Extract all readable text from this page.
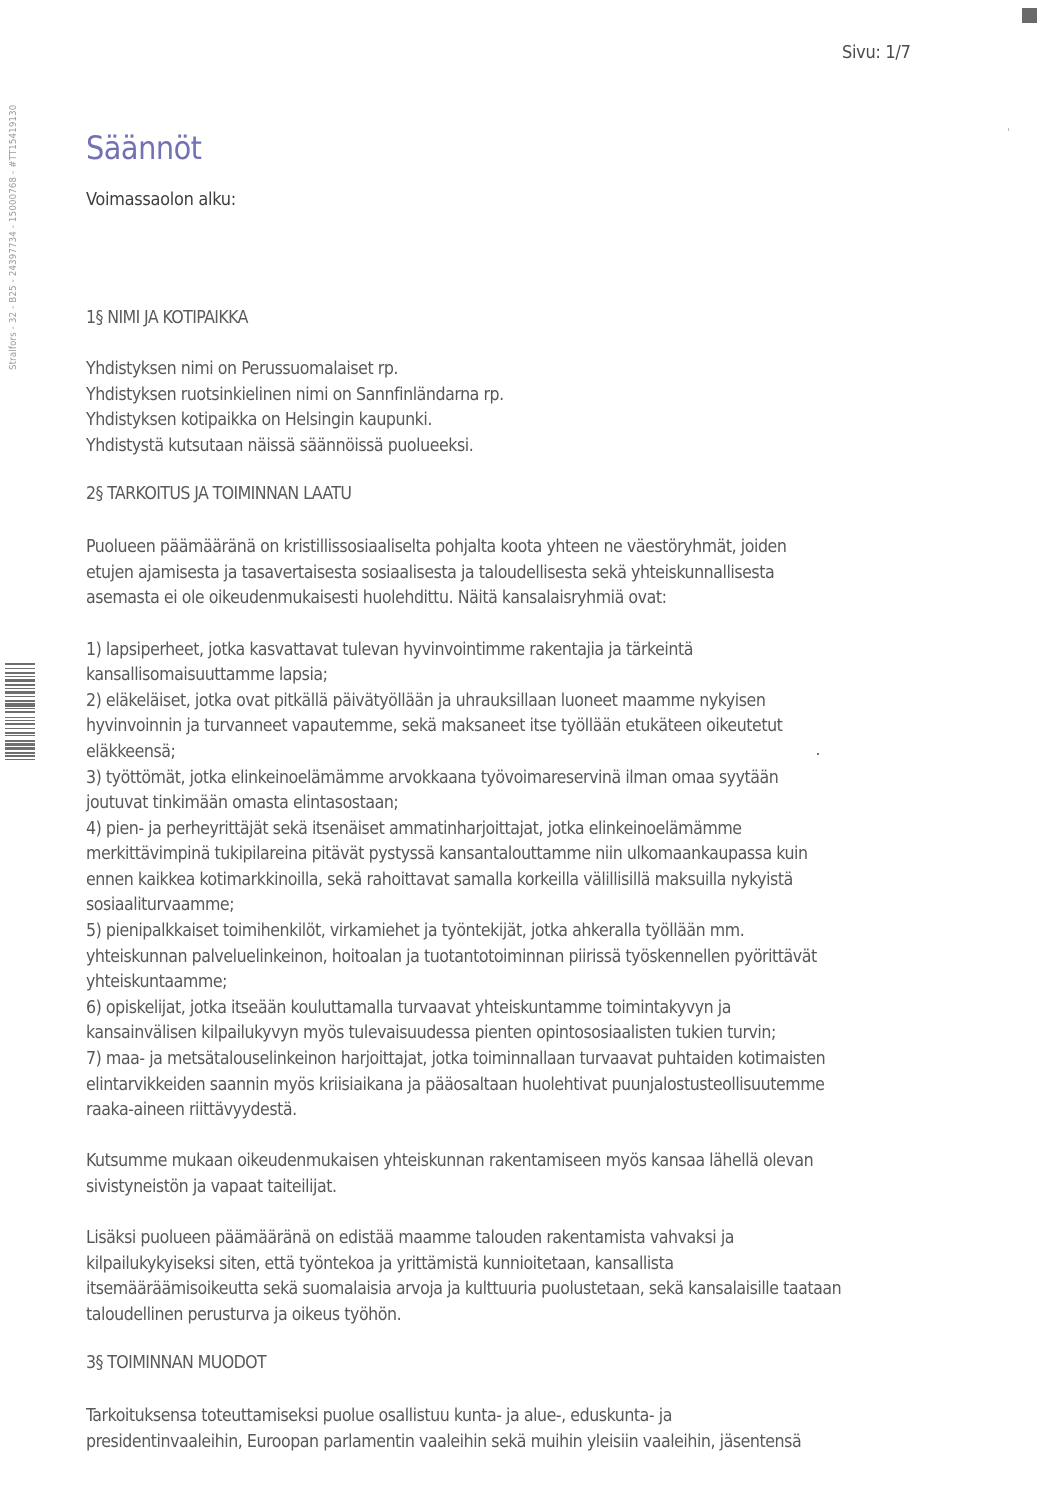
Sivu: 1/7
Stralfors - 32 - B25 - 24397734 - 15000768 - #TT15419130 Säännöt
Voimassaolon alku:
1§ NIMI JA KOTIPAIKKA

Yhdistyksen nimi on Perussuomalaiset rp.
Yhdistyksen ruotsinkielinen nimi on Sannfinländarna rp.
Yhdistyksen kotipaikka on Helsingin kaupunki.
Yhdistystä kutsutaan näissä säännöissä puolueeksi.

2§ TARKOITUS JA TOIMINNAN LAATU

Puolueen päämääränä on kristillissosiaaliselta pohjalta koota yhteen ne väestöryhmät, joiden
etujen ajamisesta ja tasavertaisesta sosiaalisesta ja taloudellisesta sekä yhteiskunnallisesta
asemasta ei ole oikeudenmukaisesti huolehdittu. Näitä kansalaisryhmiä ovat:

1) lapsiperheet, jotka kasvattavat tulevan hyvinvointimme rakentajia ja tärkeintä
kansallisomaisuuttamme lapsia;
2) eläkeläiset, jotka ovat pitkällä päivätyöllään ja uhrauksillaan luoneet maamme nykyisen
hyvinvoinnin ja turvanneet vapautemme, sekä maksaneet itse työllään etukäteen oikeutetut
eläkkeensä;
3) työttömät, jotka elinkeinoelämämme arvokkaana työvoimareservinä ilman omaa syytään
joutuvat tinkimään omasta elintasostaan;
4) pien- ja perheyrittäjät sekä itsenäiset ammatinharjoittajat, jotka elinkeinoelämämme
merkittävimpinä tukipilareina pitävät pystyssä kansantalouttamme niin ulkomaankaupassa kuin
ennen kaikkea kotimarkkinoilla, sekä rahoittavat samalla korkeilla välillisillä maksuilla nykyistä
sosiaaliturvaamme;
5) pienipalkkaiset toimihenkilöt, virkamiehet ja työntekijät, jotka ahkeralla työllään mm.
yhteiskunnan palveluelinkeinon, hoitoalan ja tuotantotoiminnan piirissä työskennellen pyörittävät
yhteiskuntaamme;
6) opiskelijat, jotka itseään kouluttamalla turvaavat yhteiskuntamme toimintakyvyn ja
kansainvälisen kilpailukyvyn myös tulevaisuudessa pienten opintososiaalisten tukien turvin;
7) maa- ja metsätalouselinkeinon harjoittajat, jotka toiminnallaan turvaavat puhtaiden kotimaisten
elintarvikkeiden saannin myös kriisiaikana ja pääosaltaan huolehtivat puunjalostusteollisuutemme
raaka-aineen riittävyydestä.

Kutsumme mukaan oikeudenmukaisen yhteiskunnan rakentamiseen myös kansaa lähellä olevan
sivistyneistön ja vapaat taiteilijat.

Lisäksi puolueen päämääränä on edistää maamme talouden rakentamista vahvaksi ja
kilpailukykyiseksi siten, että työntekoa ja yrittämistä kunnioitetaan, kansallista
itsemääräämisoikeutta sekä suomalaisia arvoja ja kulttuuria puolustetaan, sekä kansalaisille taataan
taloudellinen perusturva ja oikeus työhön.

3§ TOIMINNAN MUODOT

Tarkoituksensa toteuttamiseksi puolue osallistuu kunta- ja alue-, eduskunta- ja
presidentinvaaleihin, Euroopan parlamentin vaaleihin sekä muihin yleisiin vaaleihin, jäsentensä
